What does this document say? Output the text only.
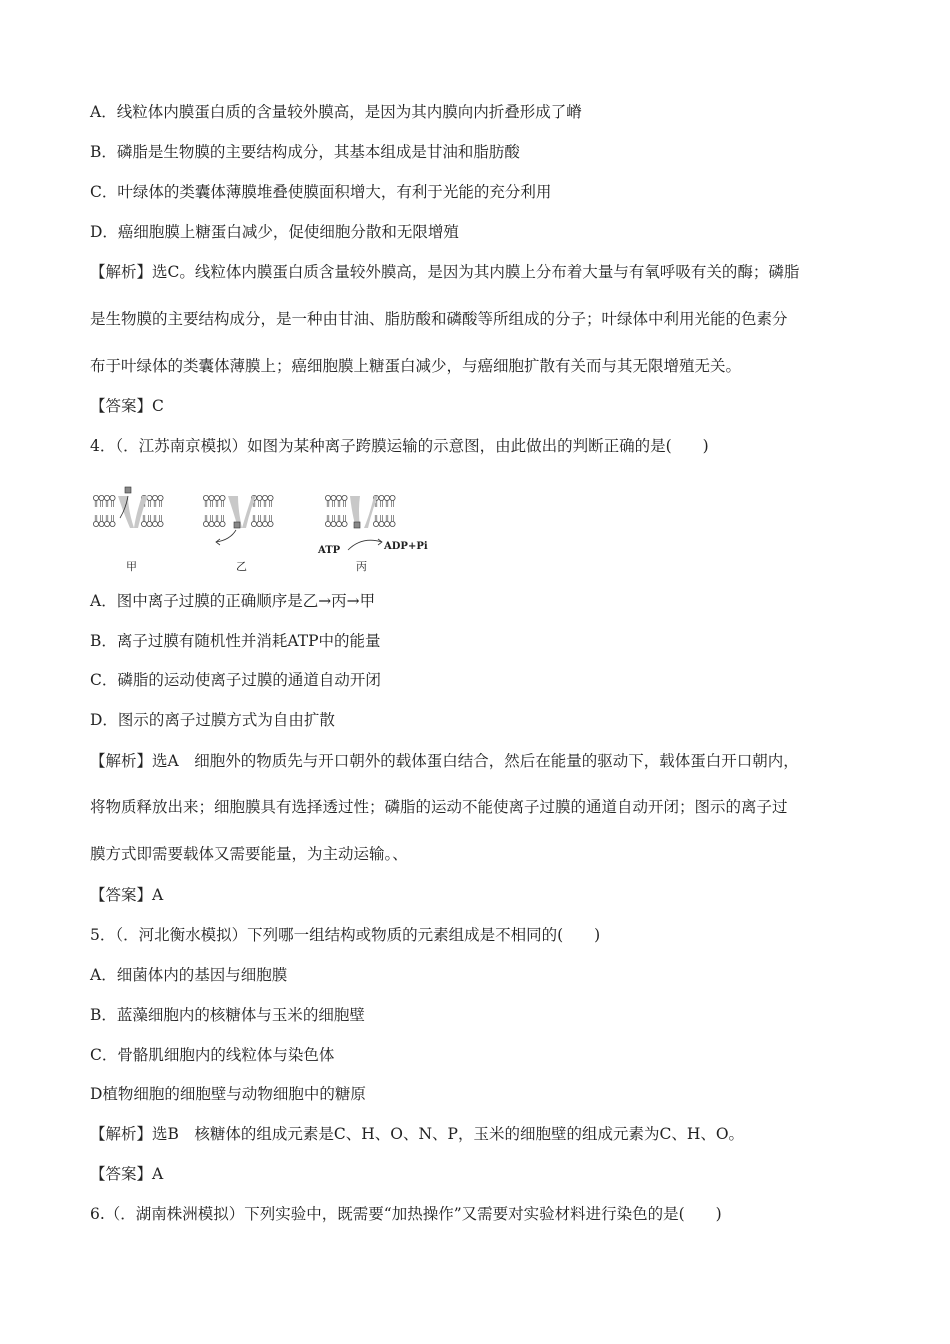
A．线粒体内膜蛋白质的含量较外膜高，是因为其内膜向内折叠形成了嵴
B．磷脂是生物膜的主要结构成分，其基本组成是甘油和脂肪酸
C．叶绿体的类囊体薄膜堆叠使膜面积增大，有利于光能的充分利用
D．癌细胞膜上糖蛋白减少，促使细胞分散和无限增殖
【解析】选C。线粒体内膜蛋白质含量较外膜高，是因为其内膜上分布着大量与有氧呼吸有关的酶；磷脂
是生物膜的主要结构成分，是一种由甘油、脂肪酸和磷酸等所组成的分子；叶绿体中利用光能的色素分
布于叶绿体的类囊体薄膜上；癌细胞膜上糖蛋白减少，与癌细胞扩散有关而与其无限增殖无关。
【答案】C
4．（．江苏南京模拟）如图为某种离子跨膜运输的示意图，由此做出的判断正确的是(　　)
甲	乙	丙
ATP	ADP+Pi
A．图中离子过膜的正确顺序是乙→丙→甲
B．离子过膜有随机性并消耗ATP中的能量
C．磷脂的运动使离子过膜的通道自动开闭
D．图示的离子过膜方式为自由扩散
【解析】选A　细胞外的物质先与开口朝外的载体蛋白结合，然后在能量的驱动下，载体蛋白开口朝内，
将物质释放出来；细胞膜具有选择透过性；磷脂的运动不能使离子过膜的通道自动开闭；图示的离子过
膜方式即需要载体又需要能量，为主动运输。、
【答案】A
5．（．河北衡水模拟）下列哪一组结构或物质的元素组成是不相同的(　　)
A．细菌体内的基因与细胞膜
B．蓝藻细胞内的核糖体与玉米的细胞壁
C．骨骼肌细胞内的线粒体与染色体
D植物细胞的细胞壁与动物细胞中的糖原
【解析】选B　核糖体的组成元素是C、H、O、N、P，玉米的细胞壁的组成元素为C、H、O。
【答案】A
6.（．湖南株洲模拟）下列实验中，既需要“加热操作”又需要对实验材料进行染色的是(　　)
